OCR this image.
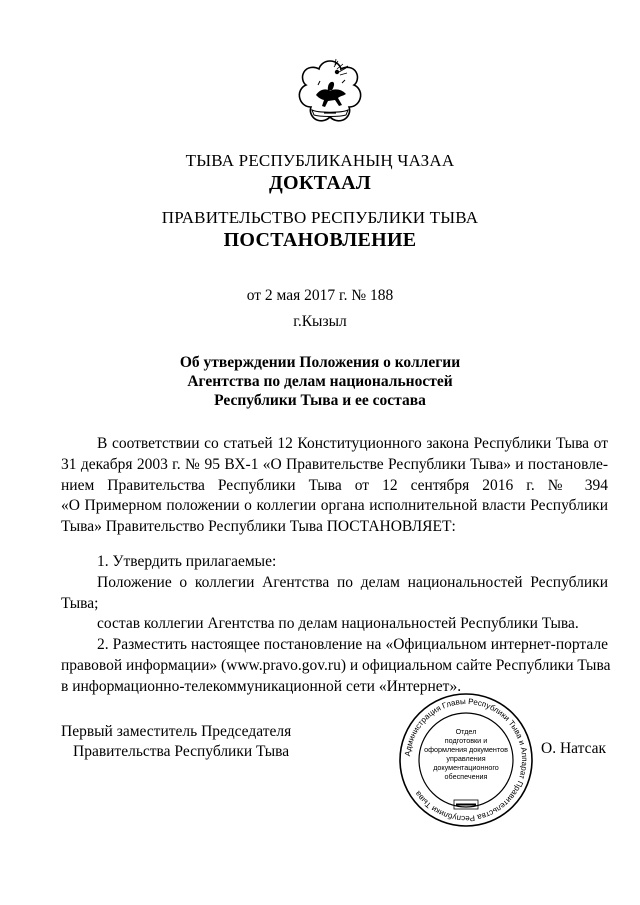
ТЫВА РЕСПУБЛИКАНЫҢ ЧАЗАА
ДОКТААЛ
ПРАВИТЕЛЬСТВО РЕСПУБЛИКИ ТЫВА
ПОСТАНОВЛЕНИЕ
от 2 мая 2017 г. № 188
г.Кызыл
Об утверждении Положения о коллегии
Агентства по делам национальностей
Республики Тыва и ее состава
В соответствии со статьей 12 Конституционного закона Республики Тыва от
31 декабря 2003 г. № 95 ВХ-1 «О Правительстве Республики Тыва» и постановле-
нием Правительства Республики Тыва от 12 сентября 2016 г. № 394
«О Примерном положении о коллегии органа исполнительной власти Республики
Тыва» Правительство Республики Тыва ПОСТАНОВЛЯЕТ:
1. Утвердить прилагаемые:
Положение о коллегии Агентства по делам национальностей Республики
Тыва;
состав коллегии Агентства по делам национальностей Республики Тыва.
2. Разместить настоящее постановление на «Официальном интернет-портале
правовой информации» (www.pravo.gov.ru) и официальном сайте Республики Тыва
в информационно-телекоммуникационной сети «Интернет».
Первый заместитель Председателя
Правительства Республики Тыва	Администрация Главы Республики Тыва и Аппарат Правительства Республики Тыва
Отдел
подготовки и
оформления документов
управления
документационного
обеспечения
О. Натсак
